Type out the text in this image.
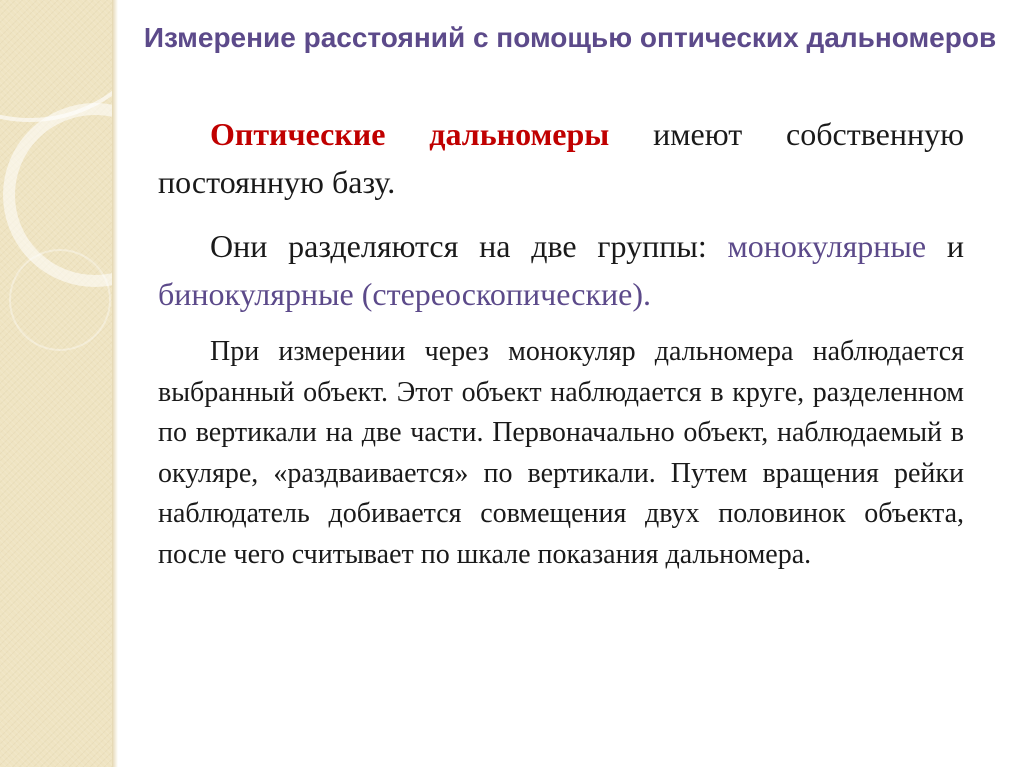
Измерение расстояний с помощью оптических дальномеров

Оптические дальномеры имеют собственную постоянную базу.

Они разделяются на две группы: монокулярные и бинокулярные (стереоскопические).

При измерении через монокуляр дальномера наблюдается выбранный объект. Этот объект наблюдается в круге, разделенном по вертикали на две части. Первоначально объект, наблюдаемый в окуляре, «раздваивается» по вертикали. Путем вращения рейки наблюдатель добивается совмещения двух половинок объекта, после чего считывает по шкале показания дальномера.
